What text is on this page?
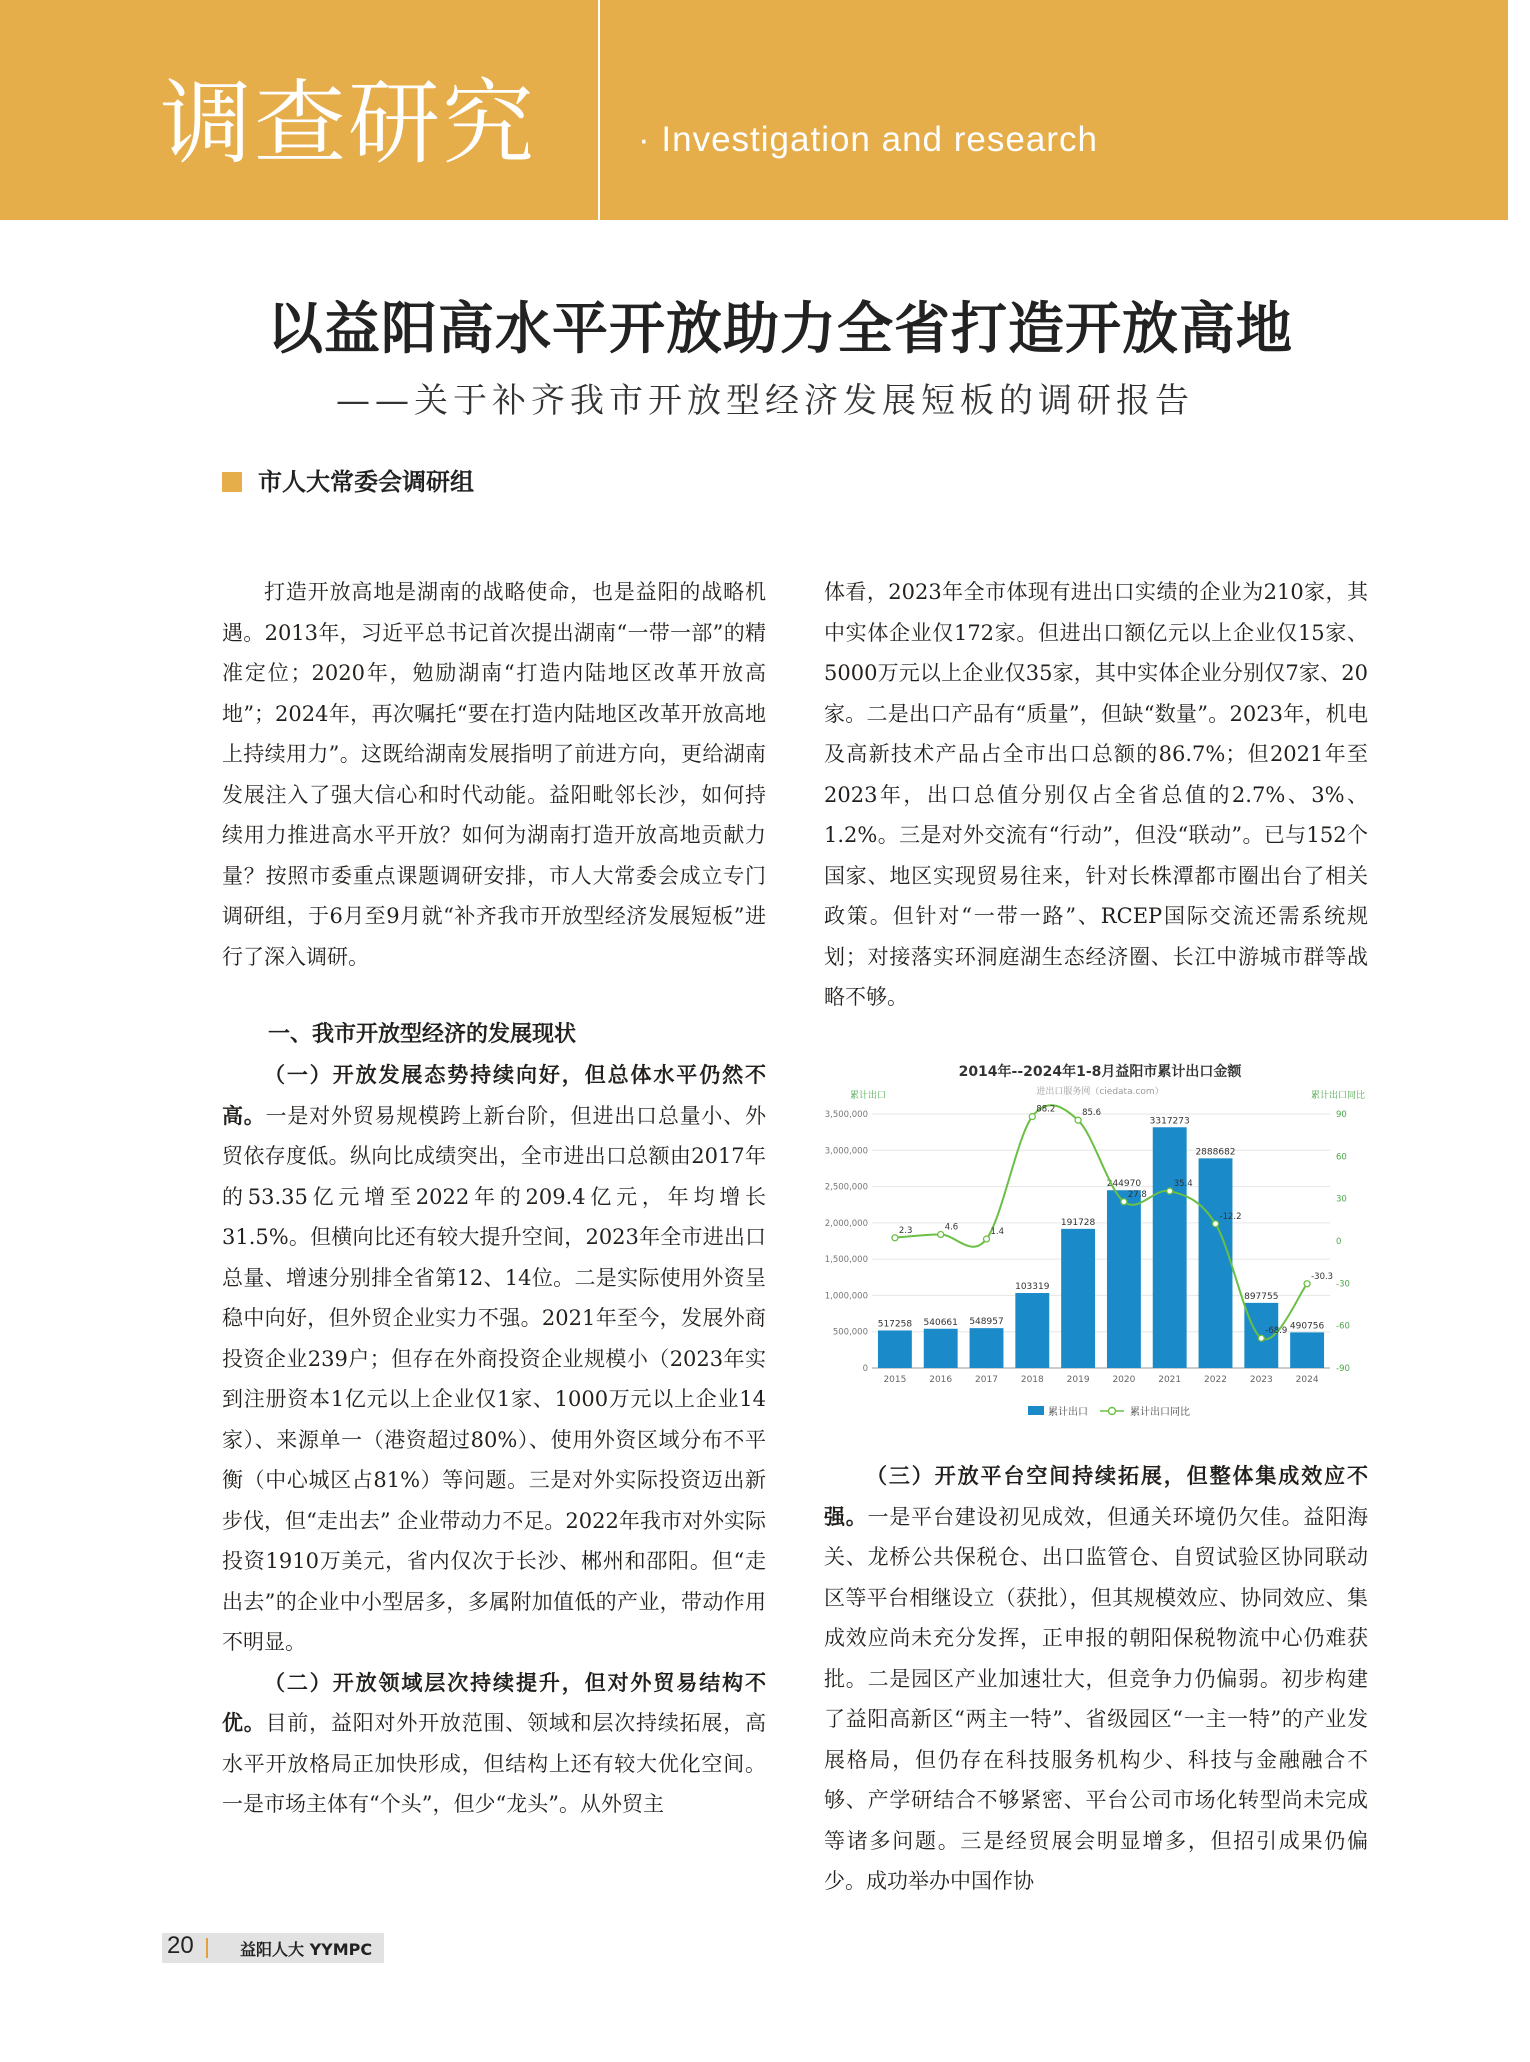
调查研究	· Investigation and research
以益阳高水平开放助力全省打造开放高地
——关于补齐我市开放型经济发展短板的调研报告
市人大常委会调研组

打造开放高地是湖南的战略使命，也是益阳的战略机遇。2013年，习近平总书记首次提出湖南“一带一部”的精准定位；2020年，勉励湖南“打造内陆地区改革开放高地”；2024年，再次嘱托“要在打造内陆地区改革开放高地上持续用力”。这既给湖南发展指明了前进方向，更给湖南发展注入了强大信心和时代动能。益阳毗邻长沙，如何持续用力推进高水平开放？如何为湖南打造开放高地贡献力量？按照市委重点课题调研安排，市人大常委会成立专门调研组，于6月至9月就“补齐我市开放型经济发展短板”进行了深入调研。

一、我市开放型经济的发展现状

（一）开放发展态势持续向好，但总体水平仍然不高。一是对外贸易规模跨上新台阶，但进出口总量小、外贸依存度低。纵向比成绩突出，全市进出口总额由2017年的53.35亿元增至2022年的209.4亿元，年均增长31.5%。但横向比还有较大提升空间，2023年全市进出口总量、增速分别排全省第12、14位。二是实际使用外资呈稳中向好，但外贸企业实力不强。2021年至今，发展外商投资企业239户；但存在外商投资企业规模小（2023年实到注册资本1亿元以上企业仅1家、1000万元以上企业14家）、来源单一（港资超过80%）、使用外资区域分布不平衡（中心城区占81%）等问题。三是对外实际投资迈出新步伐，但“走出去” 企业带动力不足。2022年我市对外实际投资1910万美元，省内仅次于长沙、郴州和邵阳。但“走出去”的企业中小型居多，多属附加值低的产业，带动作用不明显。

（二）开放领域层次持续提升，但对外贸易结构不优。目前，益阳对外开放范围、领域和层次持续拓展，高水平开放格局正加快形成，但结构上还有较大优化空间。一是市场主体有“个头”，但少“龙头”。从外贸主

体看，2023年全市体现有进出口实绩的企业为210家，其中实体企业仅172家。但进出口额亿元以上企业仅15家、5000万元以上企业仅35家，其中实体企业分别仅7家、20家。二是出口产品有“质量”，但缺“数量”。2023年，机电及高新技术产品占全市出口总额的86.7%；但2021年至2023年，出口总值分别仅占全省总值的2.7%、3%、1.2%。三是对外交流有“行动”，但没“联动”。已与152个国家、地区实现贸易往来，针对长株潭都市圈出台了相关政策。但针对“一带一路”、RCEP国际交流还需系统规划；对接落实环洞庭湖生态经济圈、长江中游城市群等战略不够。

2014年--2024年1-8月益阳市累计出口金额
进出口服务网（ciedata.com）
累计出口	累计出口同比
517258 540661 548957
103319
191728
244970
3317273
2888682
897755
490756
2.3	4.6	1.4
88.2	85.6
27.8
35.4
-12.2
-68.9
-30.3
0
500,000
1,000,000
1,500,000
2,000,000
2,500,000
3,000,000
3,500,000
-90
-60
-30
0
30
60
90
2015	2016	2017	2018	2019	2020	2021	2022	2023	2024
累计出口	累计出口同比

（三）开放平台空间持续拓展，但整体集成效应不强。一是平台建设初见成效，但通关环境仍欠佳。益阳海关、龙桥公共保税仓、出口监管仓、自贸试验区协同联动区等平台相继设立（获批），但其规模效应、协同效应、集成效应尚未充分发挥，正申报的朝阳保税物流中心仍难获批。二是园区产业加速壮大，但竞争力仍偏弱。初步构建了益阳高新区“两主一特”、省级园区“一主一特”的产业发展格局，但仍存在科技服务机构少、科技与金融融合不够、产学研结合不够紧密、平台公司市场化转型尚未完成等诸多问题。三是经贸展会明显增多，但招引成果仍偏少。成功举办中国作协

20	益阳人大 YYMPC
